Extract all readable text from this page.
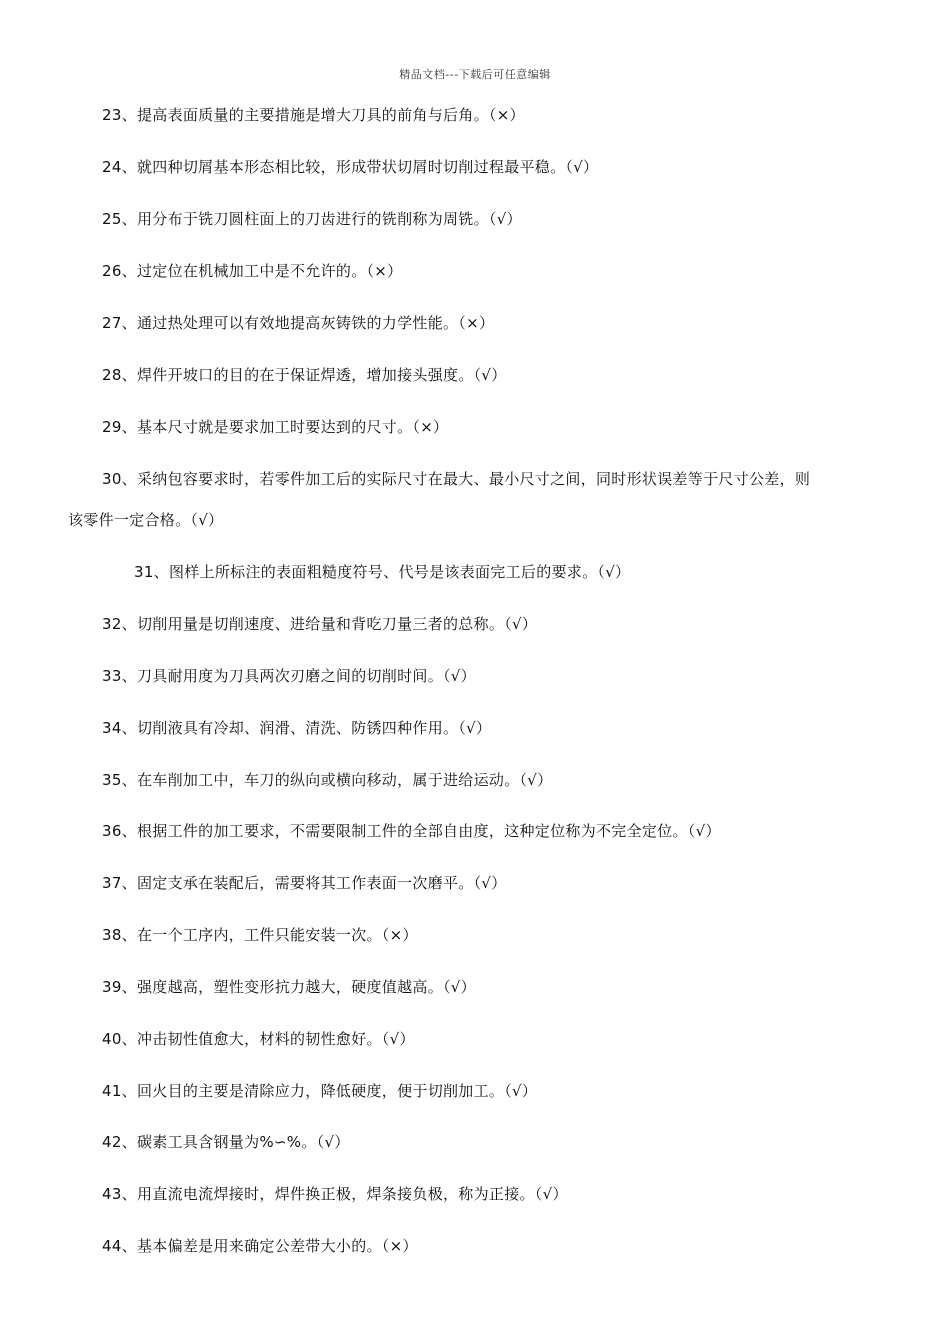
精品文档---下载后可任意编辑
23、提高表面质量的主要措施是增大刀具的前角与后角。（×）
24、就四种切屑基本形态相比较，形成带状切屑时切削过程最平稳。（√）
25、用分布于铣刀圆柱面上的刀齿进行的铣削称为周铣。（√）
26、过定位在机械加工中是不允许的。（×）
27、通过热处理可以有效地提高灰铸铁的力学性能。（×）
28、焊件开坡口的目的在于保证焊透，增加接头强度。（√）
29、基本尺寸就是要求加工时要达到的尺寸。（×）
30、采纳包容要求时，若零件加工后的实际尺寸在最大、最小尺寸之间，同时形状误差等于尺寸公差，则
该零件一定合格。（√）
31、图样上所标注的表面粗糙度符号、代号是该表面完工后的要求。（√）
32、切削用量是切削速度、进给量和背吃刀量三者的总称。（√）
33、刀具耐用度为刀具两次刃磨之间的切削时间。（√）
34、切削液具有冷却、润滑、清洗、防锈四种作用。（√）
35、在车削加工中，车刀的纵向或横向移动，属于进给运动。（√）
36、根据工件的加工要求，不需要限制工件的全部自由度，这种定位称为不完全定位。（√）
37、固定支承在装配后，需要将其工作表面一次磨平。（√）
38、在一个工序内，工件只能安装一次。（×）
39、强度越高，塑性变形抗力越大，硬度值越高。（√）
40、冲击韧性值愈大，材料的韧性愈好。（√）
41、回火目的主要是清除应力，降低硬度，便于切削加工。（√）
42、碳素工具含钢量为%∽%。（√）
43、用直流电流焊接时，焊件换正极，焊条接负极，称为正接。（√）
44、基本偏差是用来确定公差带大小的。（×）
